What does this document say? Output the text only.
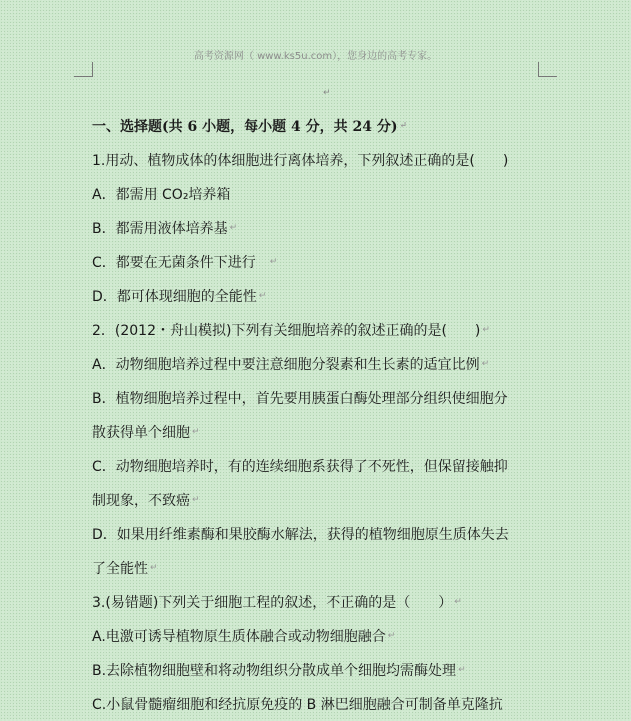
高考资源网（ www.ks5u.com），您身边的高考专家。
↵
一、选择题(共 6 小题，每小题 4 分，共 24 分) ↵
1.用动、植物成体的体细胞进行离体培养，下列叙述正确的是(　　)
A．都需用 CO₂培养箱
B．都需用液体培养基 ↵
C．都要在无菌条件下进行 ↵
D．都可体现细胞的全能性 ↵
2．(2012・舟山模拟)下列有关细胞培养的叙述正确的是(　　) ↵
A．动物细胞培养过程中要注意细胞分裂素和生长素的适宜比例 ↵
B．植物细胞培养过程中，首先要用胰蛋白酶处理部分组织使细胞分
散获得单个细胞 ↵
C．动物细胞培养时，有的连续细胞系获得了不死性，但保留接触抑
制现象，不致癌 ↵
D．如果用纤维素酶和果胶酶水解法，获得的植物细胞原生质体失去
了全能性 ↵
3.(易错题)下列关于细胞工程的叙述，不正确的是（　　） ↵
A.电激可诱导植物原生质体融合或动物细胞融合 ↵
B.去除植物细胞壁和将动物组织分散成单个细胞均需酶处理 ↵
C.小鼠骨髓瘤细胞和经抗原免疫的 B 淋巴细胞融合可制备单克隆抗
